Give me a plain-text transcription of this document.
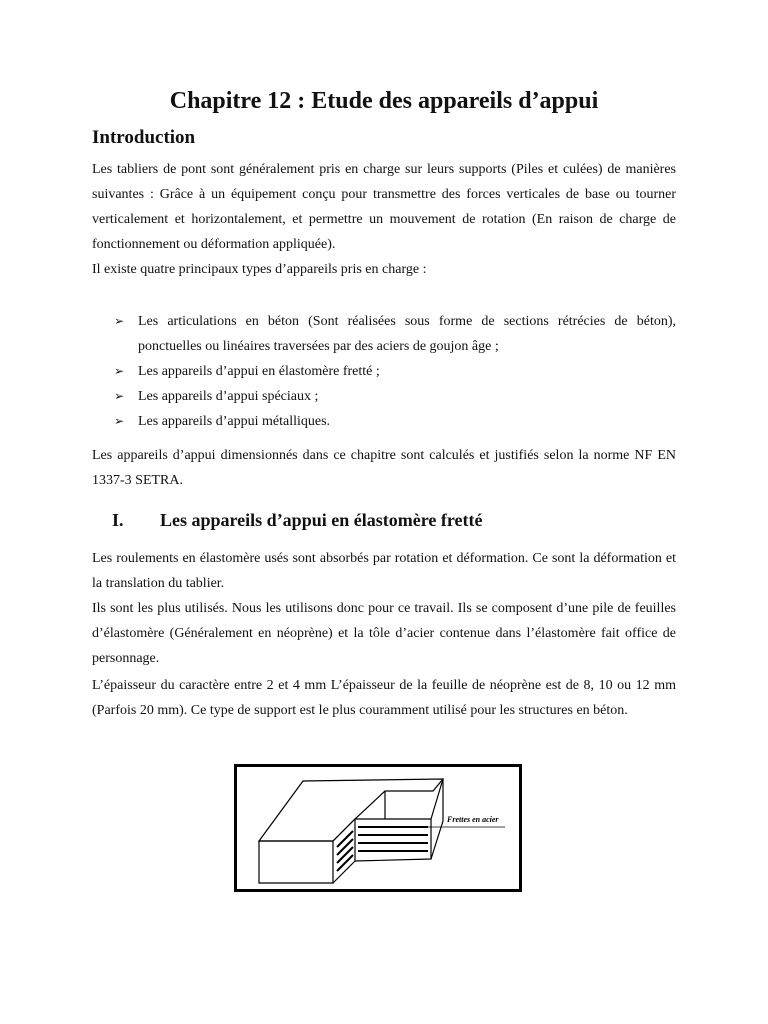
Chapitre 12 : Etude des appareils d’appui
Introduction

Les tabliers de pont sont généralement pris en charge sur leurs supports (Piles et culées) de manières suivantes : Grâce à un équipement conçu pour transmettre des forces verticales de base ou tourner verticalement et horizontalement, et permettre un mouvement de rotation (En raison de charge de fonctionnement ou déformation appliquée).

Il existe quatre principaux types d’appareils pris en charge :

➢ Les articulations en béton (Sont réalisées sous forme de sections rétrécies de béton), ponctuelles ou linéaires traversées par des aciers de goujon âge ;
➢ Les appareils d’appui en élastomère fretté ;
➢ Les appareils d’appui spéciaux ;
➢ Les appareils d’appui métalliques.

Les appareils d’appui dimensionnés dans ce chapitre sont calculés et justifiés selon la norme NF EN 1337-3 SETRA.

I. Les appareils d’appui en élastomère fretté

Les roulements en élastomère usés sont absorbés par rotation et déformation. Ce sont la déformation et la translation du tablier.

Ils sont les plus utilisés. Nous les utilisons donc pour ce travail. Ils se composent d’une pile de feuilles d’élastomère (Généralement en néoprène) et la tôle d’acier contenue dans l’élastomère fait office de personnage.

L’épaisseur du caractère entre 2 et 4 mm L’épaisseur de la feuille de néoprène est de 8, 10 ou 12 mm (Parfois 20 mm). Ce type de support est le plus couramment utilisé pour les structures en béton.

Frettes en acier
